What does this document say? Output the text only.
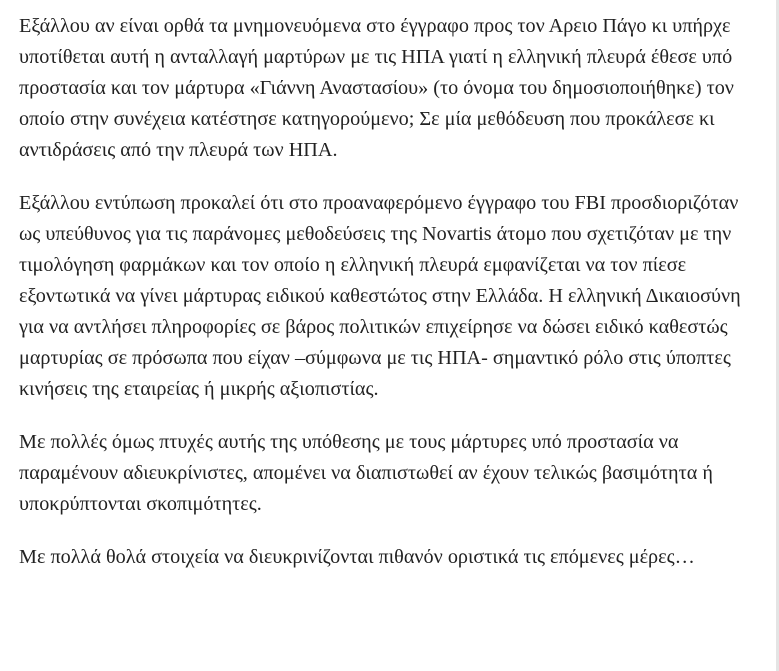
Εξάλλου αν είναι ορθά τα μνημονευόμενα στο έγγραφο προς τον Αρειο Πάγο κι υπήρχε υποτίθεται αυτή η ανταλλαγή μαρτύρων με τις ΗΠΑ γιατί η ελληνική πλευρά έθεσε υπό προστασία και τον μάρτυρα «Γιάννη Αναστασίου» (το όνομα του δημοσιοποιήθηκε) τον οποίο στην συνέχεια κατέστησε κατηγορούμενο; Σε μία μεθόδευση που προκάλεσε κι αντιδράσεις από την πλευρά των ΗΠΑ.

Εξάλλου εντύπωση προκαλεί ότι στο προαναφερόμενο έγγραφο του FBI προσδιοριζόταν ως υπεύθυνος για τις παράνομες μεθοδεύσεις της Novartis άτομο που σχετιζόταν με την τιμολόγηση φαρμάκων και τον οποίο η ελληνική πλευρά εμφανίζεται να τον πίεσε εξοντωτικά να γίνει μάρτυρας ειδικού καθεστώτος στην Ελλάδα. Η ελληνική Δικαιοσύνη για να αντλήσει πληροφορίες σε βάρος πολιτικών επιχείρησε να δώσει ειδικό καθεστώς μαρτυρίας σε πρόσωπα που είχαν –σύμφωνα με τις ΗΠΑ- σημαντικό ρόλο στις ύποπτες κινήσεις της εταιρείας ή μικρής αξιοπιστίας.

Με πολλές όμως πτυχές αυτής της υπόθεσης με τους μάρτυρες υπό προστασία να παραμένουν αδιευκρίνιστες, απομένει να διαπιστωθεί αν έχουν τελικώς βασιμότητα ή υποκρύπτονται σκοπιμότητες.

Με πολλά θολά στοιχεία να διευκρινίζονται πιθανόν οριστικά τις επόμενες μέρες…
